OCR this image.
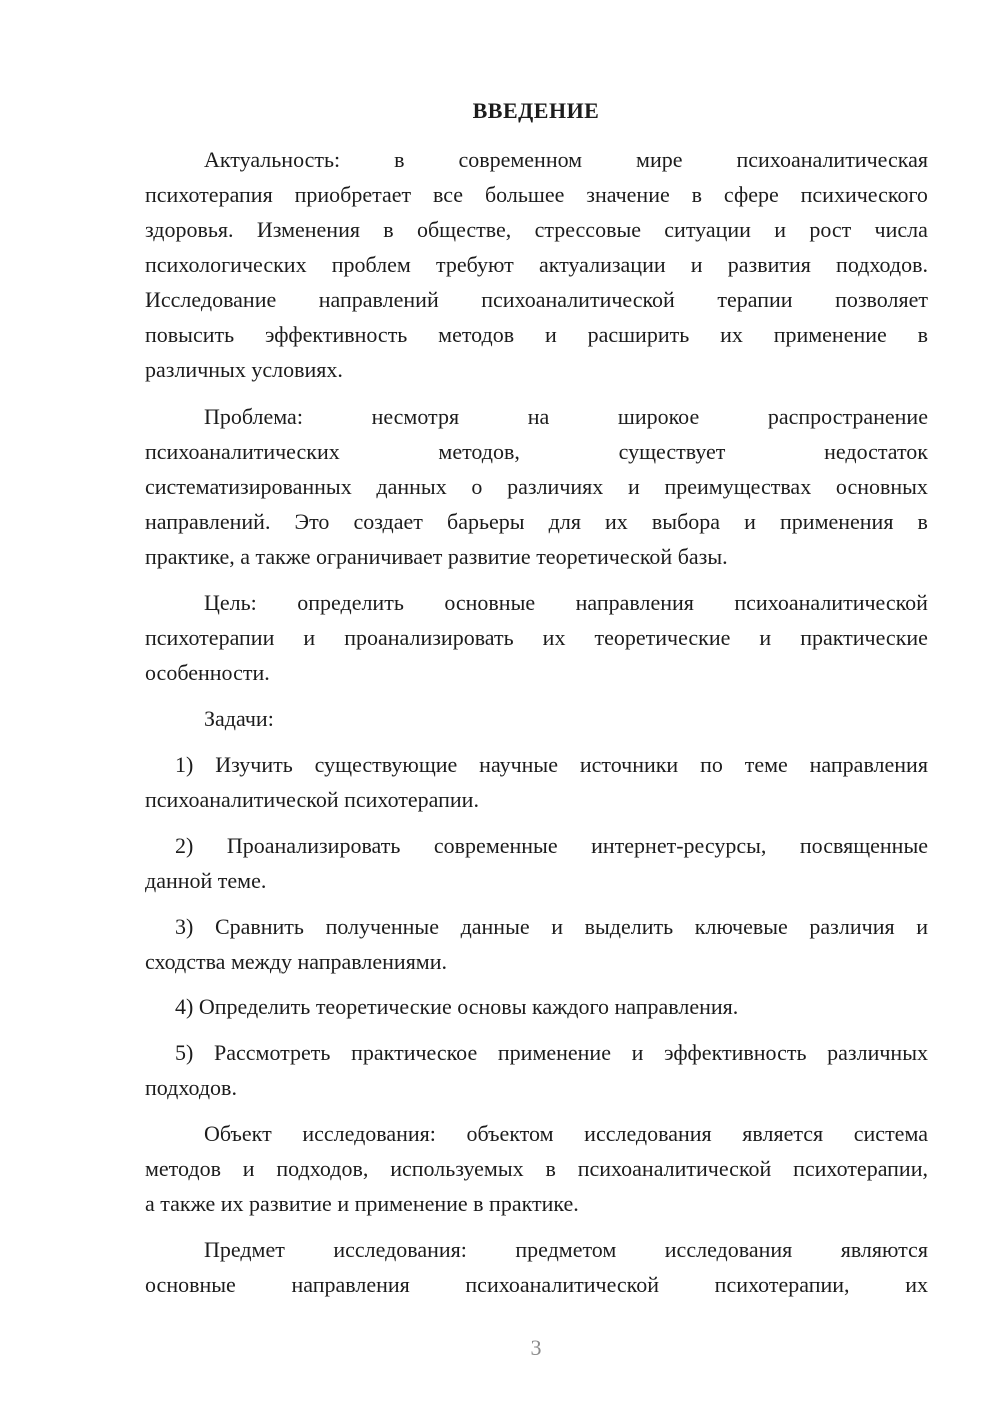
ВВЕДЕНИЕ
Актуальность: в современном мире психоаналитическая
психотерапия приобретает все большее значение в сфере психического
здоровья. Изменения в обществе, стрессовые ситуации и рост числа
психологических проблем требуют актуализации и развития подходов.
Исследование направлений психоаналитической терапии позволяет
повысить эффективность методов и расширить их применение в
различных условиях.
Проблема:	несмотря	на	широкое	распространение
психоаналитических	методов,	существует	недостаток
систематизированных данных о различиях и преимуществах основных
направлений. Это создает барьеры для их выбора и применения в
практике, а также ограничивает развитие теоретической базы.
Цель: определить основные направления психоаналитической
психотерапии и проанализировать их теоретические и практические
особенности.
Задачи:
1) Изучить существующие научные источники по теме направления
психоаналитической психотерапии.
2) Проанализировать современные интернет-ресурсы, посвященные
данной теме.
3) Сравнить полученные данные и выделить ключевые различия и
сходства между направлениями.
4) Определить теоретические основы каждого направления.
5) Рассмотреть практическое применение и эффективность различных
подходов.
Объект исследования: объектом исследования является система
методов и подходов, используемых в психоаналитической психотерапии,
а также их развитие и применение в практике.
Предмет исследования: предметом исследования являются
основные	направления	психоаналитической	психотерапии,	их
3
